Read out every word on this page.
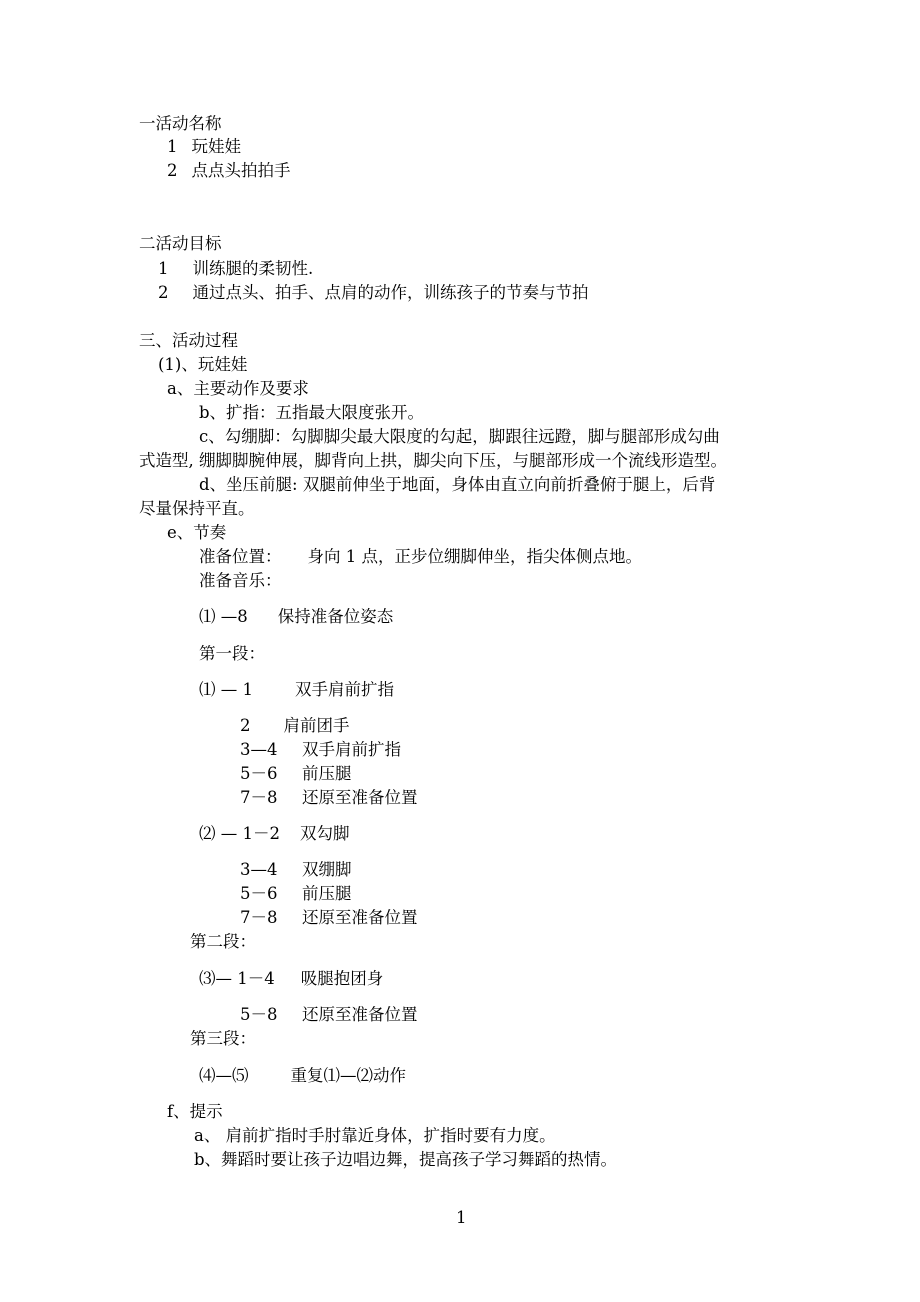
一活动名称
1 玩娃娃
2 点点头拍拍手
二活动目标
1 训练腿的柔韧性.
2 通过点头、拍手、点肩的动作，训练孩子的节奏与节拍
三、活动过程
(1)、玩娃娃
a、主要动作及要求
b、扩指：五指最大限度张开。
c、勾绷脚：勾脚脚尖最大限度的勾起，脚跟往远蹬，脚与腿部形成勾曲
式造型, 绷脚脚腕伸展，脚背向上拱，脚尖向下压，与腿部形成一个流线形造型。
d、坐压前腿: 双腿前伸坐于地面，身体由直立向前折叠俯于腿上，后背
尽量保持平直。
e、节奏
准备位置： 身向 1 点，正步位绷脚伸坐，指尖体侧点地。
准备音乐：
⑴ —8 保持准备位姿态
第一段：
⑴ — 1	双手肩前扩指
2 肩前团手
3—4 双手肩前扩指
5－6 前压腿
7－8 还原至准备位置
⑵ — 1－2 双勾脚
3—4 双绷脚
5－6 前压腿
7－8 还原至准备位置
第二段：
⑶— 1－4 吸腿抱团身
5－8 还原至准备位置
第三段：
⑷—⑸	重复⑴—⑵动作
f、提示
a、 肩前扩指时手肘靠近身体，扩指时要有力度。
b、舞蹈时要让孩子边唱边舞，提高孩子学习舞蹈的热情。
1
